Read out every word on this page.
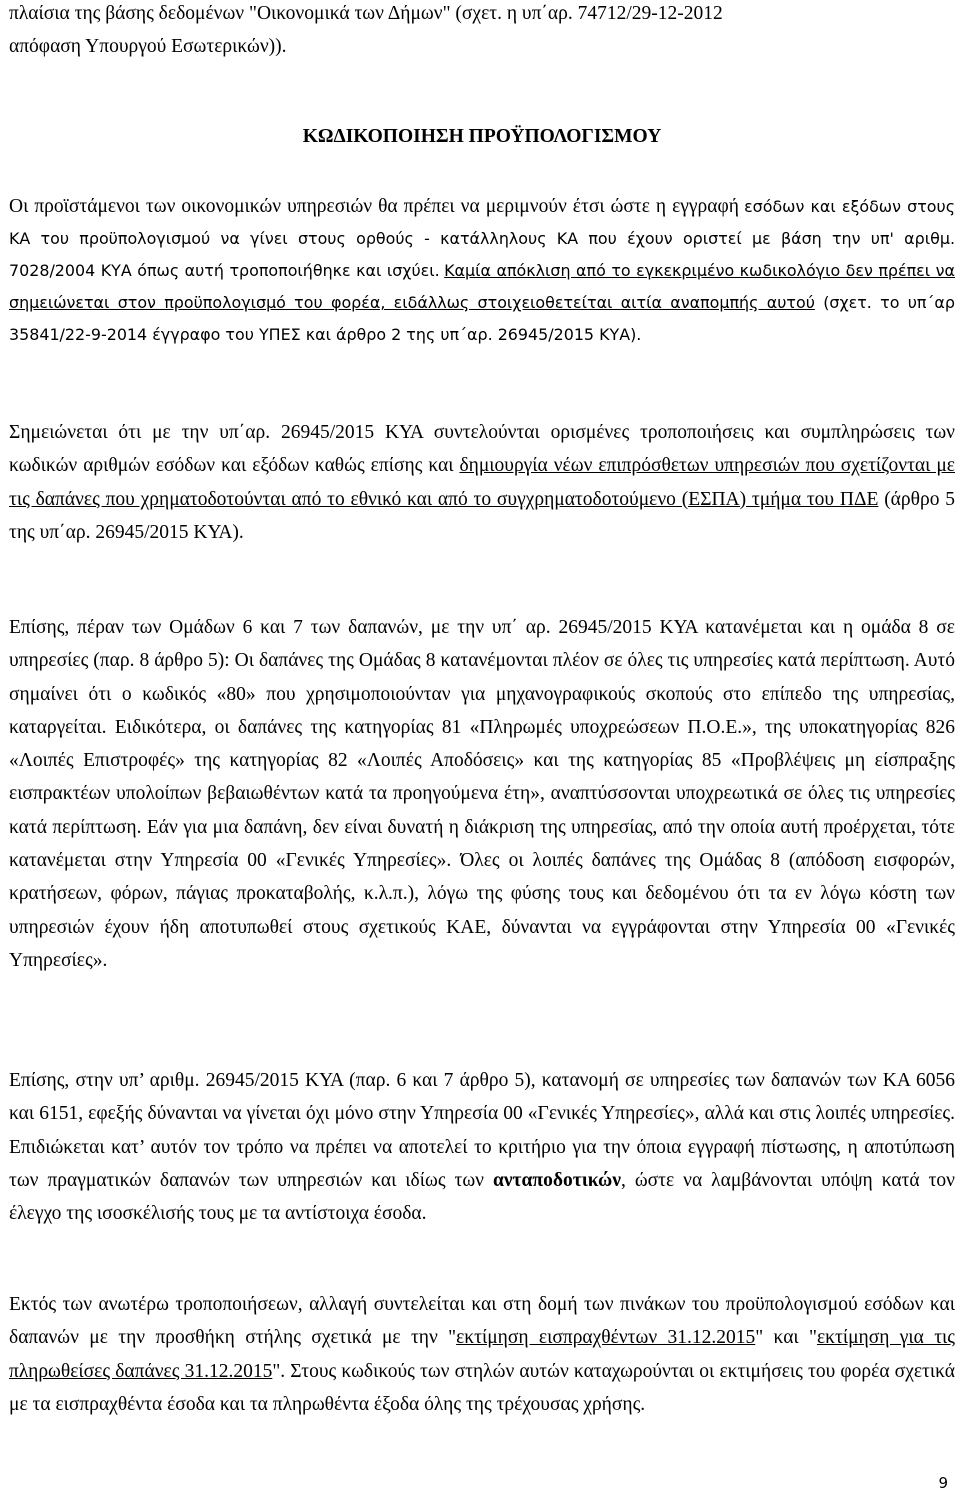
πλαίσια της βάσης δεδομένων "Οικονομικά των Δήμων" (σχετ. η υπ΄αρ. 74712/29-12-2012
απόφαση Υπουργού Εσωτερικών)).

ΚΩΔΙΚΟΠΟΙΗΣΗ ΠΡΟΫΠΟΛΟΓΙΣΜΟΥ

Οι προϊστάμενοι των οικονομικών υπηρεσιών θα πρέπει να μεριμνούν έτσι ώστε η εγγραφή εσόδων και εξόδων στους ΚΑ του προϋπολογισμού να γίνει στους ορθούς - κατάλληλους ΚΑ που έχουν οριστεί με βάση την υπ' αριθμ. 7028/2004 ΚΥΑ όπως αυτή τροποποιήθηκε και ισχύει. Καμία απόκλιση από το εγκεκριμένο κωδικολόγιο δεν πρέπει να σημειώνεται στον προϋπολογισμό του φορέα, ειδάλλως στοιχειοθετείται αιτία αναπομπής αυτού (σχετ. το υπ΄αρ 35841/22-9-2014 έγγραφο του ΥΠΕΣ και άρθρο 2 της υπ΄αρ. 26945/2015 ΚΥΑ).

Σημειώνεται ότι με την υπ΄αρ. 26945/2015 ΚΥΑ συντελούνται ορισμένες τροποποιήσεις και συμπληρώσεις των κωδικών αριθμών εσόδων και εξόδων καθώς επίσης και δημιουργία νέων επιπρόσθετων υπηρεσιών που σχετίζονται με τις δαπάνες που χρηματοδοτούνται από το εθνικό και από το συγχρηματοδοτούμενο (ΕΣΠΑ) τμήμα του ΠΔΕ (άρθρο 5 της υπ΄αρ. 26945/2015 ΚΥΑ).

Επίσης, πέραν των Ομάδων 6 και 7 των δαπανών, με την υπ΄ αρ. 26945/2015 ΚΥΑ κατανέμεται και η ομάδα 8 σε υπηρεσίες (παρ. 8 άρθρο 5): Οι δαπάνες της Ομάδας 8 κατανέμονται πλέον σε όλες τις υπηρεσίες κατά περίπτωση. Αυτό σημαίνει ότι ο κωδικός «80» που χρησιμοποιούνταν για μηχανογραφικούς σκοπούς στο επίπεδο της υπηρεσίας, καταργείται. Ειδικότερα, οι δαπάνες της κατηγορίας 81 «Πληρωμές υποχρεώσεων Π.Ο.Ε.», της υποκατηγορίας 826 «Λοιπές Επιστροφές» της κατηγορίας 82 «Λοιπές Αποδόσεις» και της κατηγορίας 85 «Προβλέψεις μη είσπραξης εισπρακτέων υπολοίπων βεβαιωθέντων κατά τα προηγούμενα έτη», αναπτύσσονται υποχρεωτικά σε όλες τις υπηρεσίες κατά περίπτωση. Εάν για μια δαπάνη, δεν είναι δυνατή η διάκριση της υπηρεσίας, από την οποία αυτή προέρχεται, τότε κατανέμεται στην Υπηρεσία 00 «Γενικές Υπηρεσίες». Όλες οι λοιπές δαπάνες της Ομάδας 8 (απόδοση εισφορών, κρατήσεων, φόρων, πάγιας προκαταβολής, κ.λ.π.), λόγω της φύσης τους και δεδομένου ότι τα εν λόγω κόστη των υπηρεσιών έχουν ήδη αποτυπωθεί στους σχετικούς ΚΑΕ, δύνανται να εγγράφονται στην Υπηρεσία 00 «Γενικές Υπηρεσίες».

Επίσης, στην υπ’ αριθμ. 26945/2015 ΚΥΑ (παρ. 6 και 7 άρθρο 5), κατανομή σε υπηρεσίες των δαπανών των ΚΑ 6056 και 6151, εφεξής δύνανται να γίνεται όχι μόνο στην Υπηρεσία 00 «Γενικές Υπηρεσίες», αλλά και στις λοιπές υπηρεσίες. Επιδιώκεται κατ’ αυτόν τον τρόπο να πρέπει να αποτελεί το κριτήριο για την όποια εγγραφή πίστωσης, η αποτύπωση των πραγματικών δαπανών των υπηρεσιών και ιδίως των ανταποδοτικών, ώστε να λαμβάνονται υπόψη κατά τον έλεγχο της ισοσκέλισής τους με τα αντίστοιχα έσοδα.

Εκτός των ανωτέρω τροποποιήσεων, αλλαγή συντελείται και στη δομή των πινάκων του προϋπολογισμού εσόδων και δαπανών με την προσθήκη στήλης σχετικά με την "εκτίμηση εισπραχθέντων 31.12.2015" και "εκτίμηση για τις πληρωθείσες δαπάνες 31.12.2015". Στους κωδικούς των στηλών αυτών καταχωρούνται οι εκτιμήσεις του φορέα σχετικά με τα εισπραχθέντα έσοδα και τα πληρωθέντα έξοδα όλης της τρέχουσας χρήσης.

9
